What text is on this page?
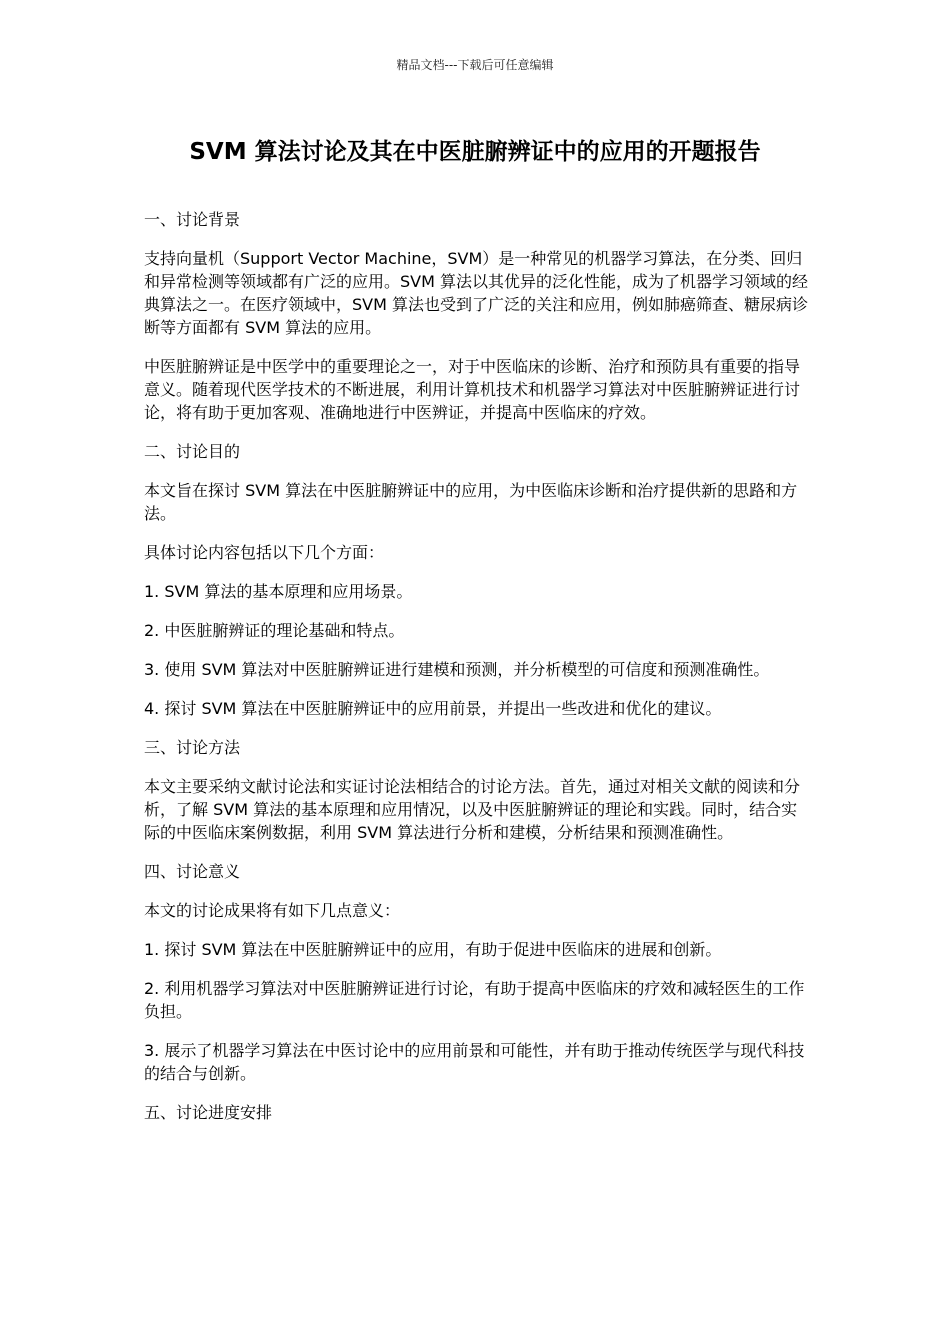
精品文档---下载后可任意编辑
SVM 算法讨论及其在中医脏腑辨证中的应用的开题报告

一、讨论背景

支持向量机（Support Vector Machine，SVM）是一种常见的机器学习算法，在分类、回归和异常检测等领域都有广泛的应用。SVM 算法以其优异的泛化性能，成为了机器学习领域的经典算法之一。在医疗领域中，SVM 算法也受到了广泛的关注和应用，例如肺癌筛查、糖尿病诊断等方面都有 SVM 算法的应用。

中医脏腑辨证是中医学中的重要理论之一，对于中医临床的诊断、治疗和预防具有重要的指导意义。随着现代医学技术的不断进展，利用计算机技术和机器学习算法对中医脏腑辨证进行讨论，将有助于更加客观、准确地进行中医辨证，并提高中医临床的疗效。

二、讨论目的

本文旨在探讨 SVM 算法在中医脏腑辨证中的应用，为中医临床诊断和治疗提供新的思路和方法。

具体讨论内容包括以下几个方面：

1. SVM 算法的基本原理和应用场景。

2. 中医脏腑辨证的理论基础和特点。

3. 使用 SVM 算法对中医脏腑辨证进行建模和预测，并分析模型的可信度和预测准确性。

4. 探讨 SVM 算法在中医脏腑辨证中的应用前景，并提出一些改进和优化的建议。

三、讨论方法

本文主要采纳文献讨论法和实证讨论法相结合的讨论方法。首先，通过对相关文献的阅读和分析，了解 SVM 算法的基本原理和应用情况，以及中医脏腑辨证的理论和实践。同时，结合实际的中医临床案例数据，利用 SVM 算法进行分析和建模，分析结果和预测准确性。

四、讨论意义

本文的讨论成果将有如下几点意义：

1. 探讨 SVM 算法在中医脏腑辨证中的应用，有助于促进中医临床的进展和创新。

2. 利用机器学习算法对中医脏腑辨证进行讨论，有助于提高中医临床的疗效和减轻医生的工作负担。

3. 展示了机器学习算法在中医讨论中的应用前景和可能性，并有助于推动传统医学与现代科技的结合与创新。

五、讨论进度安排
